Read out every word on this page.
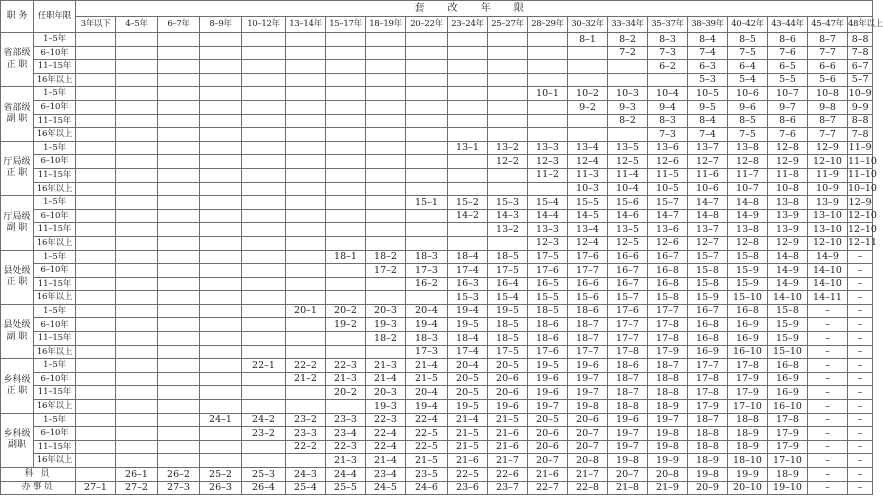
职 务	任职年限	套 改 年 限																			
		3年以下	4–5年	6–7年	8–9年	10–12年	13–14年	15–17年	18–19年	20–22年	23–24年	25–27年	28–29年	30–32年	33–34年	35–37年	38–39年	40–42年	43–44年	45–47年	48年以上
省部级
正 职	1–5年													8–1	8–2	8–3	8–4	8–5	8–6	8–7	8–8
	6–10年														7–2	7–3	7–4	7–5	7–6	7–7	7–8
	11–15年															6–2	6–3	6–4	6–5	6–6	6–7
	16年以上																5–3	5–4	5–5	5–6	5–7
省部级
副 职	1–5年												10–1	10–2	10–3	10–4	10–5	10–6	10–7	10–8	10–9
	6–10年													9–2	9–3	9–4	9–5	9–6	9–7	9–8	9–9
	11–15年														8–2	8–3	8–4	8–5	8–6	8–7	8–8
	16年以上															7–3	7–4	7–5	7–6	7–7	7–8
厅局级
正 职	1–5年										13–1	13–2	13–3	13–4	13–5	13–6	13–7	13–8	12–8	12–9	11–9
	6–10年											12–2	12–3	12–4	12–5	12–6	12–7	12–8	12–9	12–10	11–10
	11–15年												11–2	11–3	11–4	11–5	11–6	11–7	11–8	11–9	11–10
	16年以上													10–3	10–4	10–5	10–6	10–7	10–8	10–9	10–10
厅局级
副 职	1–5年									15–1	15–2	15–3	15–4	15–5	15–6	15–7	14–7	14–8	13–8	13–9	12–9
	6–10年										14–2	14–3	14–4	14–5	14–6	14–7	14–8	14–9	13–9	13–10	12–10
	11–15年											13–2	13–3	13–4	13–5	13–6	13–7	13–8	13–9	13–10	12–10
	16年以上												12–3	12–4	12–5	12–6	12–7	12–8	12–9	12–10	12–11
县处级
正 职	1–5年							18–1	18–2	18–3	18–4	18–5	17–5	17–6	16–6	16–7	15–7	15–8	14–8	14–9	–
	6–10年								17–2	17–3	17–4	17–5	17–6	17–7	16–7	16–8	15–8	15–9	14–9	14–10	–
	11–15年									16–2	16–3	16–4	16–5	16–6	16–7	16–8	15–8	15–9	14–9	14–10	–
	16年以上										15–3	15–4	15–5	15–6	15–7	15–8	15–9	15–10	14–10	14–11	–
县处级
副 职	1–5年						20–1	20–2	20–3	20–4	19–4	19–5	18–5	18–6	17–6	17–7	16–7	16–8	15–8	–	–
	6–10年							19–2	19–3	19–4	19–5	18–5	18–6	18–7	17–7	17–8	16–8	16–9	15–9	–	–
	11–15年								18–2	18–3	18–4	18–5	18–6	18–7	17–7	17–8	16–8	16–9	15–9	–	–
	16年以上									17–3	17–4	17–5	17–6	17–7	17–8	17–9	16–9	16–10	15–10	–	–
乡科级
正 职	1–5年					22–1	22–2	22–3	21–3	21–4	20–4	20–5	19–5	19–6	18–6	18–7	17–7	17–8	16–8	–	–
	6–10年						21–2	21–3	21–4	21–5	20–5	20–6	19–6	19–7	18–7	18–8	17–8	17–9	16–9	–	–
	11–15年							20–2	20–3	20–4	20–5	20–6	19–6	19–7	18–7	18–8	17–8	17–9	16–9	–	–
	16年以上								19–3	19–4	19–5	19–6	19–7	19–8	18–8	18–9	17–9	17–10	16–10	–	–
乡科级
副职	1–5年				24–1	24–2	23–2	23–3	22–3	22–4	21–4	21–5	20–5	20–6	19–6	19–7	18–7	18–8	17–8	–	–
	6–10年					23–2	23–3	23–4	22–4	22–5	21–5	21–6	20–6	20–7	19–7	19–8	18–8	18–9	17–9	–	–
	11–15年						22–2	22–3	22–4	22–5	21–5	21–6	20–6	20–7	19–7	19–8	18–8	18–9	17–9	–	–
	16年以上							21–3	21–4	21–5	21–6	21–7	20–7	20–8	19–8	19–9	18–9	18–10	17–10	–	–
科 员			26–1	26–2	25–2	25–3	24–3	24–4	23–4	23–5	22–5	22–6	21–6	21–7	20–7	20–8	19–8	19–9	18–9	–	–
办事员		27–1	27–2	27–3	26–3	26–4	25–4	25–5	24–5	24–6	23–6	23–7	22–7	22–8	21–8	21–9	20–9	20–10	19–10	–	–
